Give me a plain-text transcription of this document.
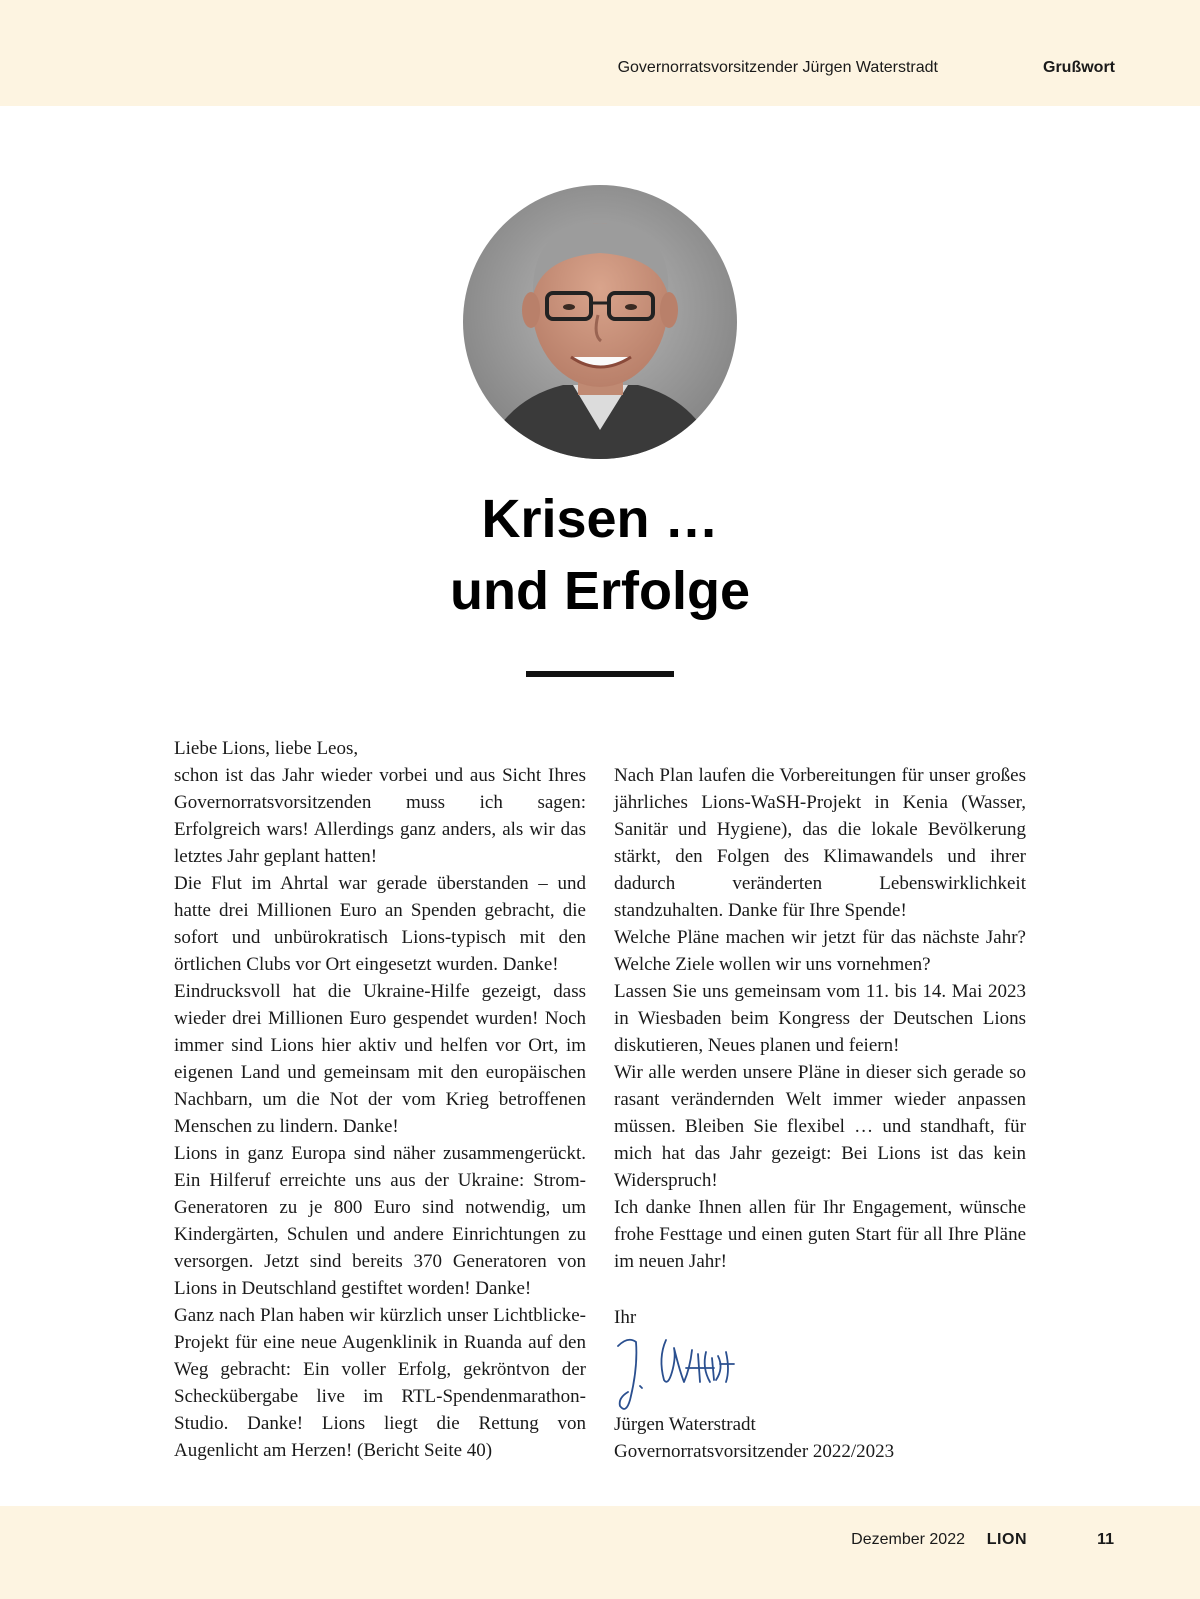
Governorratsvorsitzender Jürgen Waterstradt	Grußwort
Krisen …
und Erfolge

Liebe Lions, liebe Leos,

schon ist das Jahr wieder vorbei und aus Sicht Ihres Governorratsvorsitzenden muss ich sagen: Erfolgreich wars! Allerdings ganz anders, als wir das letztes Jahr geplant hatten!

Die Flut im Ahrtal war gerade überstanden – und hatte drei Millionen Euro an Spenden gebracht, die sofort und unbürokratisch Lions-typisch mit den örtlichen Clubs vor Ort eingesetzt wurden. Danke!

Eindrucksvoll hat die Ukraine-Hilfe gezeigt, dass wieder drei Millionen Euro gespendet wurden! Noch immer sind Lions hier aktiv und helfen vor Ort, im eigenen Land und gemeinsam mit den europäischen Nachbarn, um die Not der vom Krieg betroffenen Menschen zu lindern. Danke!

Lions in ganz Europa sind näher zusammengerückt. Ein Hilferuf erreichte uns aus der Ukraine: Strom-Generatoren zu je 800 Euro sind notwendig, um Kindergärten, Schulen und andere Einrichtungen zu versorgen. Jetzt sind bereits 370 Generatoren von Lions in Deutschland gestiftet worden! Danke!

Ganz nach Plan haben wir kürzlich unser Lichtblicke-Projekt für eine neue Augenklinik in Ruanda auf den Weg gebracht: Ein voller Erfolg, gekröntvon der Scheckübergabe live im RTL-Spendenmarathon-Studio. Danke! Lions liegt die Rettung von Augenlicht am Herzen! (Bericht Seite 40)

Nach Plan laufen die Vorbereitungen für unser großes jährliches Lions-WaSH-Projekt in Kenia (Wasser, Sanitär und Hygiene), das die lokale Bevölkerung stärkt, den Folgen des Klimawandels und ihrer dadurch veränderten Lebenswirklichkeit standzuhalten. Danke für Ihre Spende!

Welche Pläne machen wir jetzt für das nächste Jahr? Welche Ziele wollen wir uns vornehmen?

Lassen Sie uns gemeinsam vom 11. bis 14. Mai 2023 in Wiesbaden beim Kongress der Deutschen Lions diskutieren, Neues planen und feiern!

Wir alle werden unsere Pläne in dieser sich gerade so rasant verändernden Welt immer wieder anpassen müssen. Bleiben Sie flexibel … und standhaft, für mich hat das Jahr gezeigt: Bei Lions ist das kein Widerspruch!

Ich danke Ihnen allen für Ihr Engagement, wünsche frohe Festtage und einen guten Start für all Ihre Pläne im neuen Jahr!

Ihr
Jürgen Waterstradt
Governorratsvorsitzender 2022/2023
Dezember 2022 LION	11
